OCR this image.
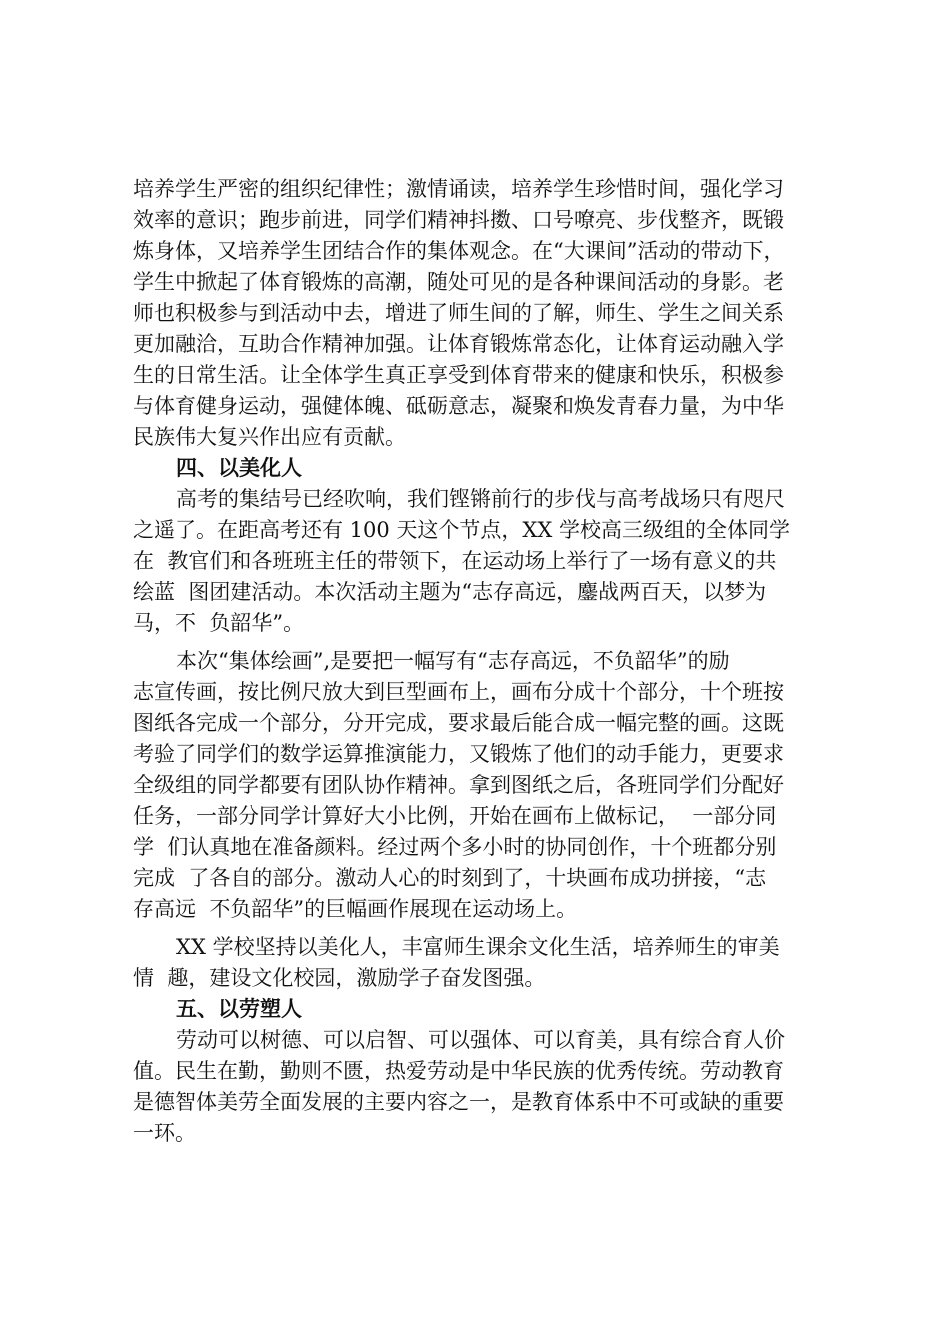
培养学生严密的组织纪律性；激情诵读，培养学生珍惜时间，强化学习
效率的意识；跑步前进，同学们精神抖擞、口号嘹亮、步伐整齐，既锻
炼身体，又培养学生团结合作的集体观念。在“大课间”活动的带动下，
学生中掀起了体育锻炼的高潮，随处可见的是各种课间活动的身影。老
师也积极参与到活动中去，增进了师生间的了解，师生、学生之间关系
更加融洽，互助合作精神加强。让体育锻炼常态化，让体育运动融入学
生的日常生活。让全体学生真正享受到体育带来的健康和快乐，积极参
与体育健身运动，强健体魄、砥砺意志，凝聚和焕发青春力量，为中华
民族伟大复兴作出应有贡献。
四、以美化人
高考的集结号已经吹响，我们铿锵前行的步伐与高考战场只有咫尺
之遥了。在距高考还有 100 天这个节点，XX 学校高三级组的全体同学
在  教官们和各班班主任的带领下，在运动场上举行了一场有意义的共
绘蓝  图团建活动。本次活动主题为“志存高远，鏖战两百天，以梦为
马，不  负韶华”。
本次“集体绘画”,是要把一幅写有“志存高远，不负韶华”的励
志宣传画，按比例尺放大到巨型画布上，画布分成十个部分，十个班按
图纸各完成一个部分，分开完成，要求最后能合成一幅完整的画。这既
考验了同学们的数学运算推演能力，又锻炼了他们的动手能力，更要求
全级组的同学都要有团队协作精神。拿到图纸之后，各班同学们分配好
任务，一部分同学计算好大小比例，开始在画布上做标记，  一部分同
学  们认真地在准备颜料。经过两个多小时的协同创作，十个班都分别
完成  了各自的部分。激动人心的时刻到了，十块画布成功拼接，“志
存高远  不负韶华”的巨幅画作展现在运动场上。
XX 学校坚持以美化人，丰富师生课余文化生活，培养师生的审美
情  趣，建设文化校园，激励学子奋发图强。
五、以劳塑人
劳动可以树德、可以启智、可以强体、可以育美，具有综合育人价
值。民生在勤，勤则不匮，热爱劳动是中华民族的优秀传统。劳动教育
是德智体美劳全面发展的主要内容之一，是教育体系中不可或缺的重要
一环。
